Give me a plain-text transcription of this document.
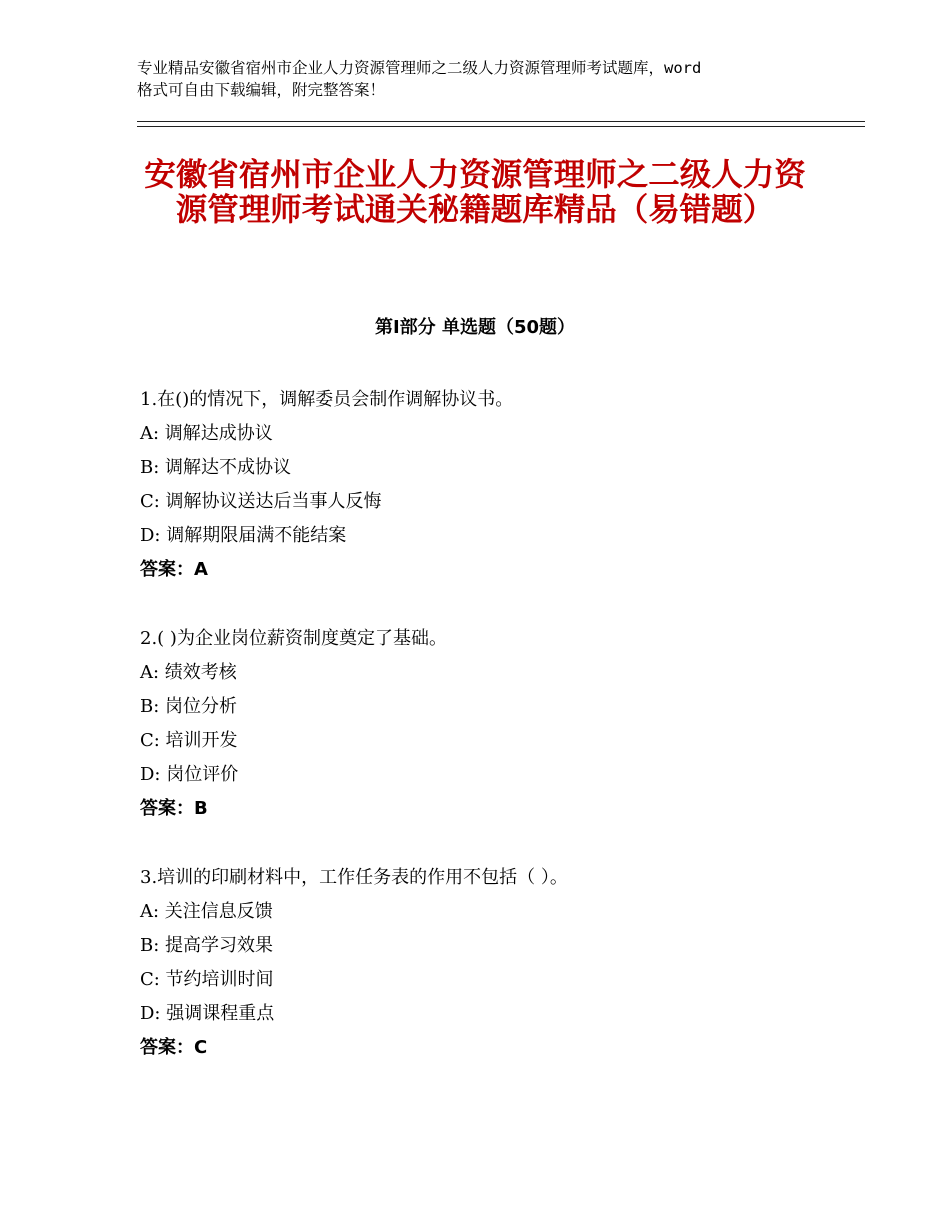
专业精品安徽省宿州市企业人力资源管理师之二级人力资源管理师考试题库，word
格式可自由下载编辑，附完整答案！
安徽省宿州市企业人力资源管理师之二级人力资源管理师考试通关秘籍题库精品（易错题）
第Ⅰ部分 单选题（50题）
1.在()的情况下，调解委员会制作调解协议书。
A: 调解达成协议
B: 调解达不成协议
C: 调解协议送达后当事人反悔
D: 调解期限届满不能结案
答案：A
2.( )为企业岗位薪资制度奠定了基础。
A: 绩效考核
B: 岗位分析
C: 培训开发
D: 岗位评价
答案：B
3.培训的印刷材料中，工作任务表的作用不包括（ ）。
A: 关注信息反馈
B: 提高学习效果
C: 节约培训时间
D: 强调课程重点
答案：C
